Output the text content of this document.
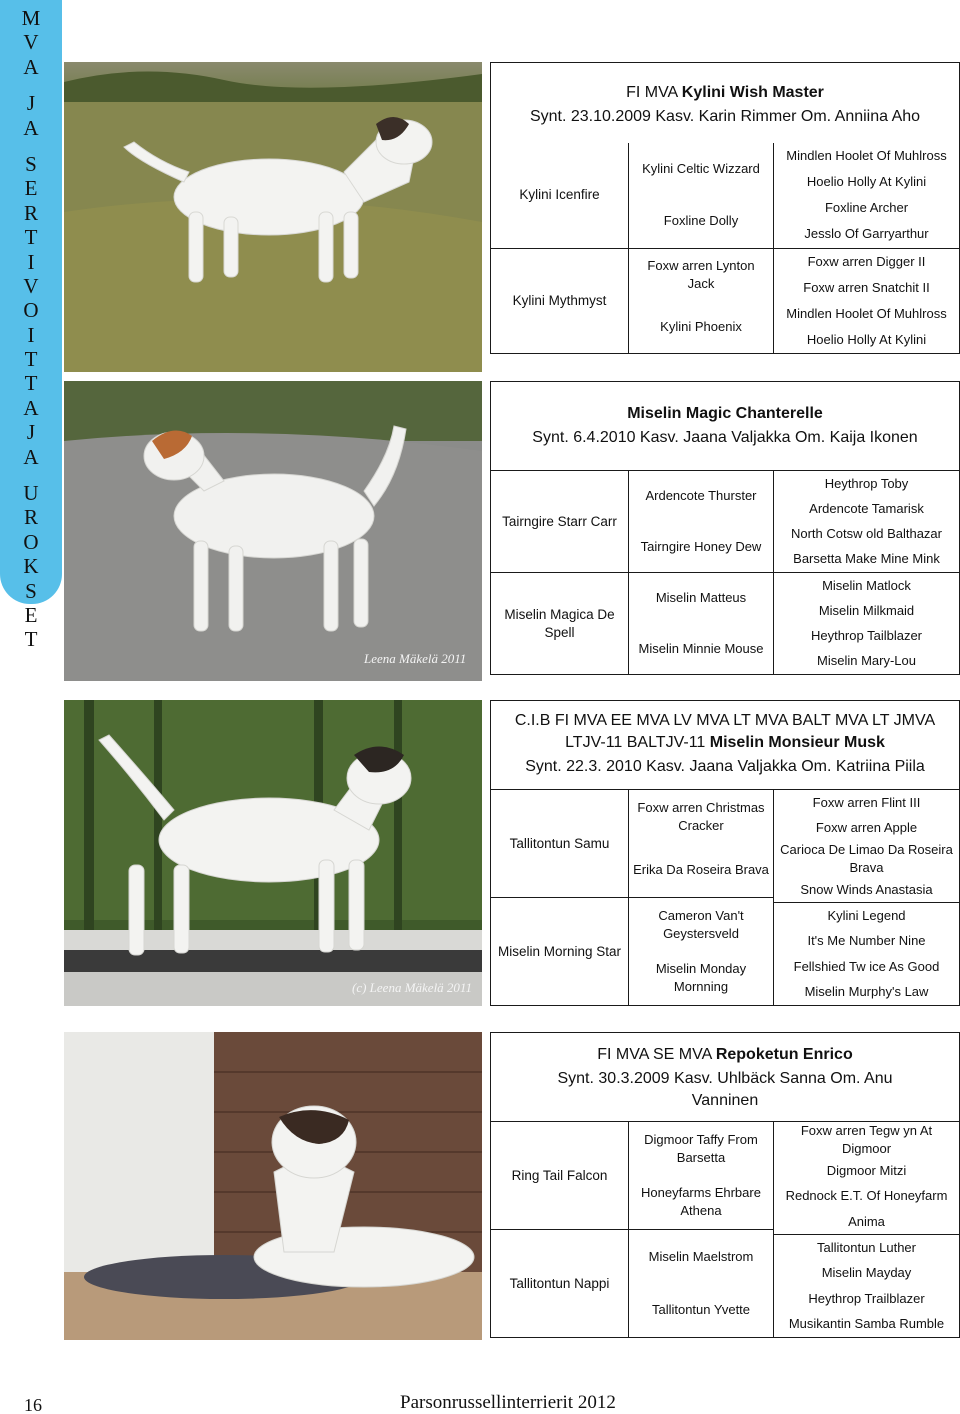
M
V
A
J
A
S
E
R
T
I
V
O
I
T
T
A
J
A
U
R
O
K
S
E
T
Leena Mäkelä 2011
(c) Leena Mäkelä 2011
FI MVA Kylini Wish Master
Synt. 23.10.2009 Kasv. Karin Rimmer Om. Anniina Aho
Kylini Icenfire
Kylini Mythmyst
Kylini Celtic Wizzard
Foxline Dolly
Foxw arren Lynton Jack
Kylini Phoenix
Mindlen Hoolet Of Muhlross
Hoelio Holly At Kylini
Foxline Archer
Jesslo Of Garryarthur
Foxw arren Digger II
Foxw arren Snatchit II
Mindlen Hoolet Of Muhlross
Hoelio Holly At Kylini
Miselin Magic Chanterelle
Synt. 6.4.2010 Kasv. Jaana Valjakka Om. Kaija Ikonen
Tairngire Starr Carr
Miselin Magica De Spell
Ardencote Thurster
Tairngire Honey Dew
Miselin Matteus
Miselin Minnie Mouse
Heythrop Toby
Ardencote Tamarisk
North Cotsw old Balthazar
Barsetta Make Mine Mink
Miselin Matlock
Miselin Milkmaid
Heythrop Tailblazer
Miselin Mary-Lou
C.I.B FI MVA EE MVA LV MVA LT MVA BALT MVA LT JMVA
LTJV-11 BALTJV-11 Miselin Monsieur Musk
Synt. 22.3. 2010 Kasv. Jaana Valjakka Om. Katriina Piila
Tallitontun Samu
Miselin Morning Star
Foxw arren Christmas Cracker
Erika Da Roseira Brava
Cameron Van't Geystersveld
Miselin Monday Mornning
Foxw arren Flint III
Foxw arren Apple
Carioca De Limao Da Roseira Brava
Snow Winds Anastasia
Kylini Legend
It's Me Number Nine
Fellshied Tw ice As Good
Miselin Murphy's Law
FI MVA SE MVA Repoketun Enrico
Synt. 30.3.2009 Kasv. Uhlbäck Sanna Om. Anu
Vanninen
Ring Tail Falcon
Tallitontun Nappi
Digmoor Taffy From Barsetta
Honeyfarms Ehrbare Athena
Miselin Maelstrom
Tallitontun Yvette
Foxw arren Tegw yn At Digmoor
Digmoor Mitzi
Rednock E.T. Of Honeyfarm
Anima
Tallitontun Luther
Miselin Mayday
Heythrop Trailblazer
Musikantin Samba Rumble
16	Parsonrussellinterrierit 2012
